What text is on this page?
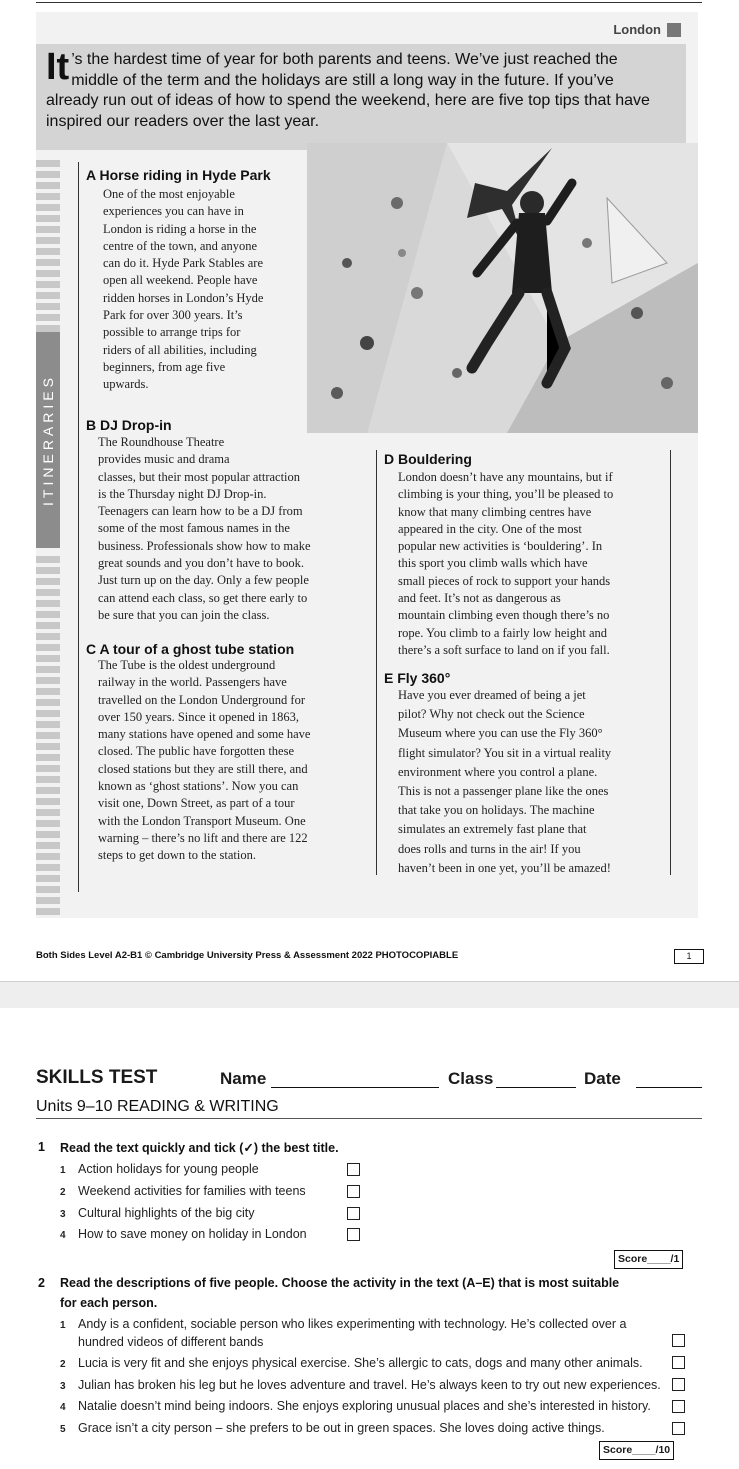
London

It ’s the hardest time of year for both parents and teens. We’ve just reached the middle of the term and the holidays are still a long way in the future. If you’ve already run out of ideas of how to spend the weekend, here are five top tips that have inspired our readers over the last year.

ITINERARIES
A Horse riding in Hyde Park
One of the most enjoyable
experiences you can have in
London is riding a horse in the
centre of the town, and anyone
can do it. Hyde Park Stables are
open all weekend. People have
ridden horses in London’s Hyde
Park for over 300 years. It’s
possible to arrange trips for
riders of all abilities, including
beginners, from age five
upwards.
B DJ Drop-in
The Roundhouse Theatre
provides music and drama
classes, but their most popular attraction
is the Thursday night DJ Drop-in.
Teenagers can learn how to be a DJ from
some of the most famous names in the
business. Professionals show how to make
great sounds and you don’t have to book.
Just turn up on the day. Only a few people
can attend each class, so get there early to
be sure that you can join the class.
C A tour of a ghost tube station
The Tube is the oldest underground
railway in the world. Passengers have
travelled on the London Underground for
over 150 years. Since it opened in 1863,
many stations have opened and some have
closed. The public have forgotten these
closed stations but they are still there, and
known as ‘ghost stations’. Now you can
visit one, Down Street, as part of a tour
with the London Transport Museum. One
warning – there’s no lift and there are 122
steps to get down to the station.
D Bouldering
London doesn’t have any mountains, but if
climbing is your thing, you’ll be pleased to
know that many climbing centres have
appeared in the city. One of the most
popular new activities is ‘bouldering’. In
this sport you climb walls which have
small pieces of rock to support your hands
and feet. It’s not as dangerous as
mountain climbing even though there’s no
rope. You climb to a fairly low height and
there’s a soft surface to land on if you fall.
E Fly 360°
Have you ever dreamed of being a jet
pilot? Why not check out the Science
Museum where you can use the Fly 360°
flight simulator? You sit in a virtual reality
environment where you control a plane.
This is not a passenger plane like the ones
that take you on holidays. The machine
simulates an extremely fast plane that
does rolls and turns in the air! If you
haven’t been in one yet, you’ll be amazed!
Both Sides Level A2-B1 © Cambridge University Press & Assessment 2022 PHOTOCOPIABLE	1
SKILLS TEST	Name	Class	Date
Units 9–10 READING & WRITING
1 Read the text quickly and tick (✓) the best title.
1 Action holidays for young people
2 Weekend activities for families with teens
3 Cultural highlights of the big city
4 How to save money on holiday in London
Score____/1
2 Read the descriptions of five people. Choose the activity in the text (A–E) that is most suitable
for each person.
1 Andy is a confident, sociable person who likes experimenting with technology. He’s collected over a
hundred videos of different bands
2 Lucia is very fit and she enjoys physical exercise. She’s allergic to cats, dogs and many other animals.
3 Julian has broken his leg but he loves adventure and travel. He’s always keen to try out new experiences.
4 Natalie doesn’t mind being indoors. She enjoys exploring unusual places and she’s interested in history.
5 Grace isn’t a city person – she prefers to be out in green spaces. She loves doing active things.
Score____/10
